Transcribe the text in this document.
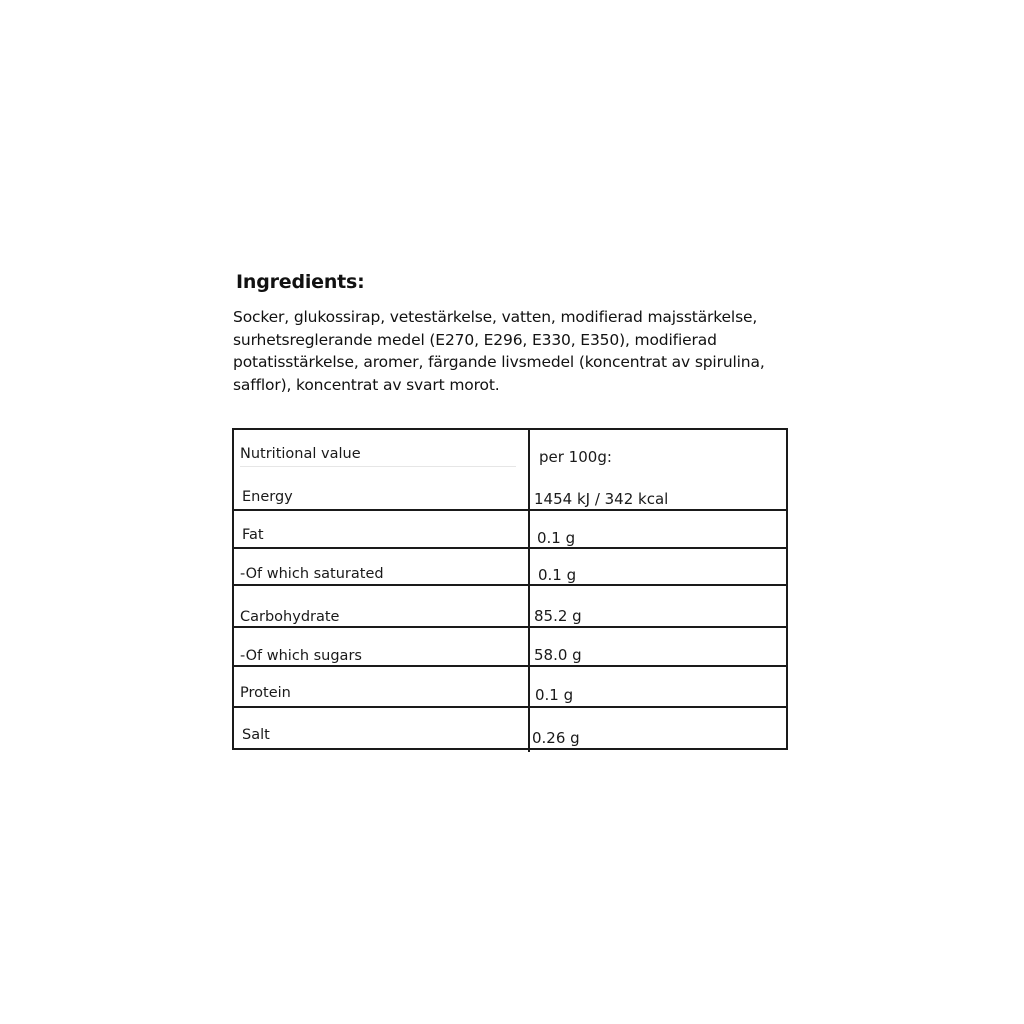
Ingredients:

Socker, glukossirap, vetestärkelse, vatten, modifierad majsstärkelse,
surhetsreglerande medel (E270, E296, E330, E350), modifierad
potatisstärkelse, aromer, färgande livsmedel (koncentrat av spirulina,
safflor), koncentrat av svart morot.

Nutritional value	per 100g:
Energy	1454 kJ / 342 kcal
Fat	0.1 g
-Of which saturated	0.1 g
Carbohydrate	85.2 g
-Of which sugars	58.0 g
Protein	0.1 g
Salt	0.26 g
